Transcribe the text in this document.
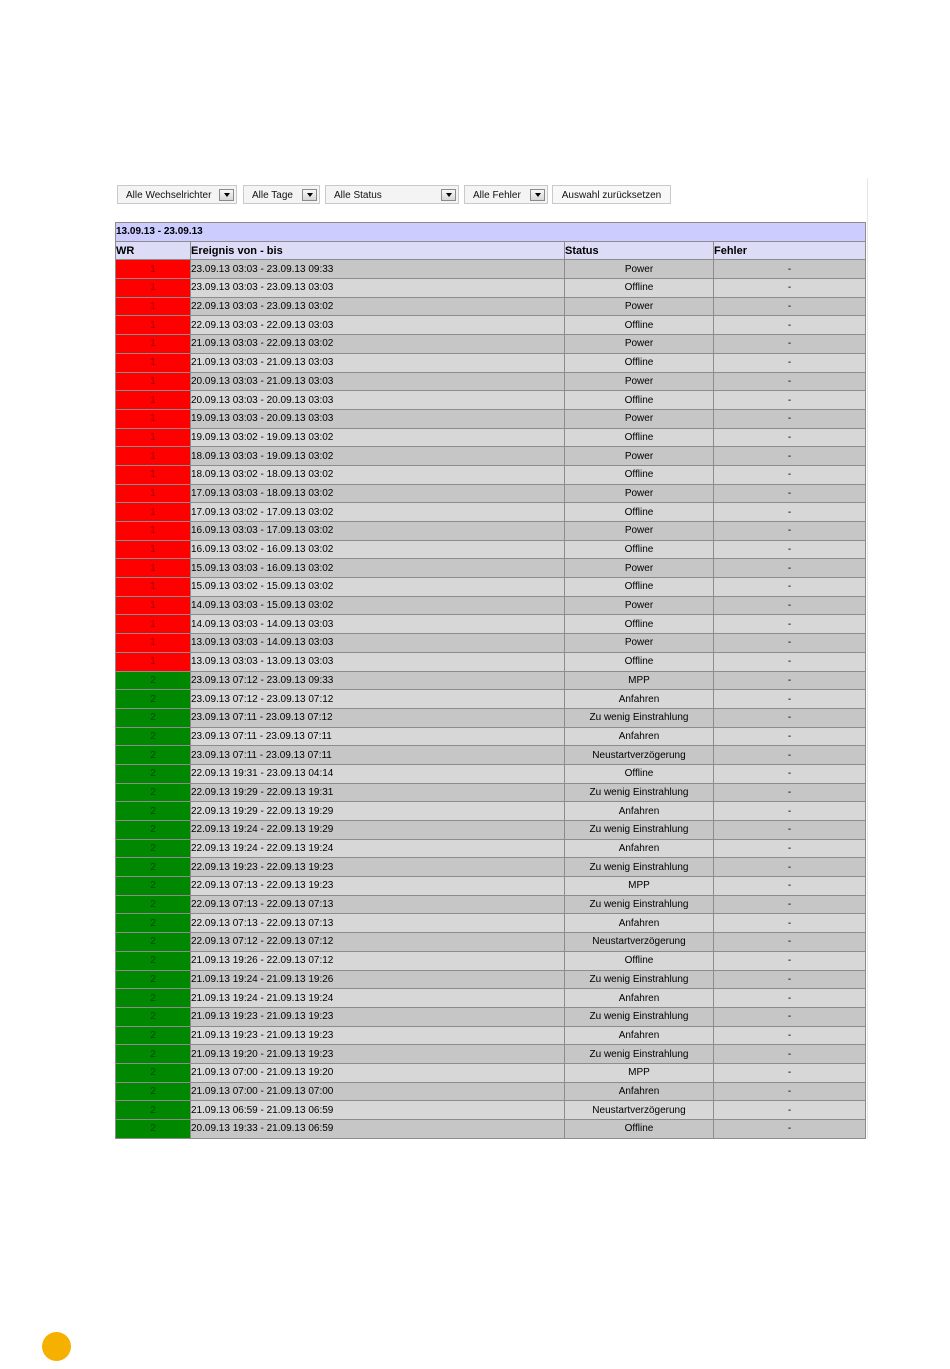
Alle Wechselrichter	Alle Tage	Alle Status	Alle Fehler	Auswahl zurücksetzen
13.09.13 - 23.09.13			
WR	Ereignis von - bis	Status	Fehler
1	23.09.13 03:03 - 23.09.13 09:33	Power	-
1	23.09.13 03:03 - 23.09.13 03:03	Offline	-
1	22.09.13 03:03 - 23.09.13 03:02	Power	-
1	22.09.13 03:03 - 22.09.13 03:03	Offline	-
1	21.09.13 03:03 - 22.09.13 03:02	Power	-
1	21.09.13 03:03 - 21.09.13 03:03	Offline	-
1	20.09.13 03:03 - 21.09.13 03:03	Power	-
1	20.09.13 03:03 - 20.09.13 03:03	Offline	-
1	19.09.13 03:03 - 20.09.13 03:03	Power	-
1	19.09.13 03:02 - 19.09.13 03:02	Offline	-
1	18.09.13 03:03 - 19.09.13 03:02	Power	-
1	18.09.13 03:02 - 18.09.13 03:02	Offline	-
1	17.09.13 03:03 - 18.09.13 03:02	Power	-
1	17.09.13 03:02 - 17.09.13 03:02	Offline	-
1	16.09.13 03:03 - 17.09.13 03:02	Power	-
1	16.09.13 03:02 - 16.09.13 03:02	Offline	-
1	15.09.13 03:03 - 16.09.13 03:02	Power	-
1	15.09.13 03:02 - 15.09.13 03:02	Offline	-
1	14.09.13 03:03 - 15.09.13 03:02	Power	-
1	14.09.13 03:03 - 14.09.13 03:03	Offline	-
1	13.09.13 03:03 - 14.09.13 03:03	Power	-
1	13.09.13 03:03 - 13.09.13 03:03	Offline	-
2	23.09.13 07:12 - 23.09.13 09:33	MPP	-
2	23.09.13 07:12 - 23.09.13 07:12	Anfahren	-
2	23.09.13 07:11 - 23.09.13 07:12	Zu wenig Einstrahlung	-
2	23.09.13 07:11 - 23.09.13 07:11	Anfahren	-
2	23.09.13 07:11 - 23.09.13 07:11	Neustartverzögerung	-
2	22.09.13 19:31 - 23.09.13 04:14	Offline	-
2	22.09.13 19:29 - 22.09.13 19:31	Zu wenig Einstrahlung	-
2	22.09.13 19:29 - 22.09.13 19:29	Anfahren	-
2	22.09.13 19:24 - 22.09.13 19:29	Zu wenig Einstrahlung	-
2	22.09.13 19:24 - 22.09.13 19:24	Anfahren	-
2	22.09.13 19:23 - 22.09.13 19:23	Zu wenig Einstrahlung	-
2	22.09.13 07:13 - 22.09.13 19:23	MPP	-
2	22.09.13 07:13 - 22.09.13 07:13	Zu wenig Einstrahlung	-
2	22.09.13 07:13 - 22.09.13 07:13	Anfahren	-
2	22.09.13 07:12 - 22.09.13 07:12	Neustartverzögerung	-
2	21.09.13 19:26 - 22.09.13 07:12	Offline	-
2	21.09.13 19:24 - 21.09.13 19:26	Zu wenig Einstrahlung	-
2	21.09.13 19:24 - 21.09.13 19:24	Anfahren	-
2	21.09.13 19:23 - 21.09.13 19:23	Zu wenig Einstrahlung	-
2	21.09.13 19:23 - 21.09.13 19:23	Anfahren	-
2	21.09.13 19:20 - 21.09.13 19:23	Zu wenig Einstrahlung	-
2	21.09.13 07:00 - 21.09.13 19:20	MPP	-
2	21.09.13 07:00 - 21.09.13 07:00	Anfahren	-
2	21.09.13 06:59 - 21.09.13 06:59	Neustartverzögerung	-
2	20.09.13 19:33 - 21.09.13 06:59	Offline	-
